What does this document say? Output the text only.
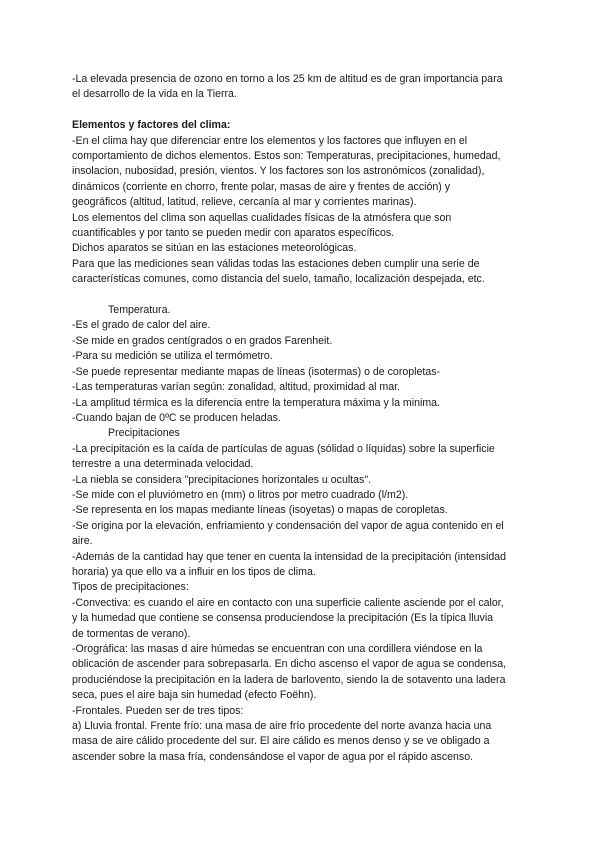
-La elevada presencia de ozono en torno a los 25 km de altitud es de gran importancia para

el desarrollo de la vida en la Tierra.

Elementos y factores del clima:

-En el clima hay que diferenciar entre los elementos y los factores que influyen en el

comportamiento de dichos elementos. Estos son: Temperaturas, precipitaciones, humedad,

insolacion, nubosidad, presión, vientos. Y los factores son los astronómicos (zonalidad),

dinámicos (corriente en chorro, frente polar, masas de aire y frentes de acción) y

geográficos (altitud, latitud, relieve, cercanía al mar y corrientes marinas).

Los elementos del clima son aquellas cualidades físicas de la atmósfera que son

cuantificables y por tanto se pueden medir con aparatos específicos.

Dichos aparatos se sitúan en las estaciones meteorológicas.

Para que las mediciones sean válidas todas las estaciones deben cumplir una serie de

características comunes, como distancia del suelo, tamaño, localización despejada, etc.

Temperatura.

-Es el grado de calor del aire.

-Se mide en grados centígrados o en grados Farenheit.

-Para su medición se utiliza el termómetro.

-Se puede representar mediante mapas de líneas (isotermas) o de coropletas-

-Las temperaturas varían según: zonalidad, altitud, proximidad al mar.

-La amplitud térmica es la diferencia entre la temperatura máxima y la minima.

-Cuando bajan de 0ºC se producen heladas.

Precipitaciones

-La precipitación es la caída de partículas de aguas (sólidad o líquidas) sobre la superficie

terrestre a una determinada velocidad.

-La niebla se considera "precipitaciones horizontales u ocultas".

-Se mide con el pluviómetro en (mm) o litros por metro cuadrado (l/m2).

-Se representa en los mapas mediante líneas (isoyetas) o mapas de coropletas.

-Se origina por la elevación, enfriamiento y condensación del vapor de agua contenido en el

aire.

-Además de la cantidad hay que tener en cuenta la intensidad de la precipitación (intensidad

horaria) ya que ello va a influir en los tipos de clima.

Tipos de precipitaciones:

-Convectiva: es cuando el aire en contacto con una superficie caliente asciende por el calor,

y la humedad que contiene se consensa produciendose la precipitación (Es la típica lluvia

de tormentas de verano).

-Orográfica: las masas d aire húmedas se encuentran con una cordillera viéndose en la

oblicación de ascender para sobrepasarla. En dicho ascenso el vapor de agua se condensa,

produciéndose la precipitación en la ladera de barlovento, siendo la de sotavento una ladera

seca, pues el aire baja sin humedad (efecto Foëhn).

-Frontales. Pueden ser de tres tipos:

a) Lluvia frontal. Frente frío: una masa de aire frío procedente del norte avanza hacia una

masa de aire cálido procedente del sur. El aire cálido es menos denso y se ve obligado a

ascender sobre la masa fría, condensándose el vapor de agua por el rápido ascenso.
